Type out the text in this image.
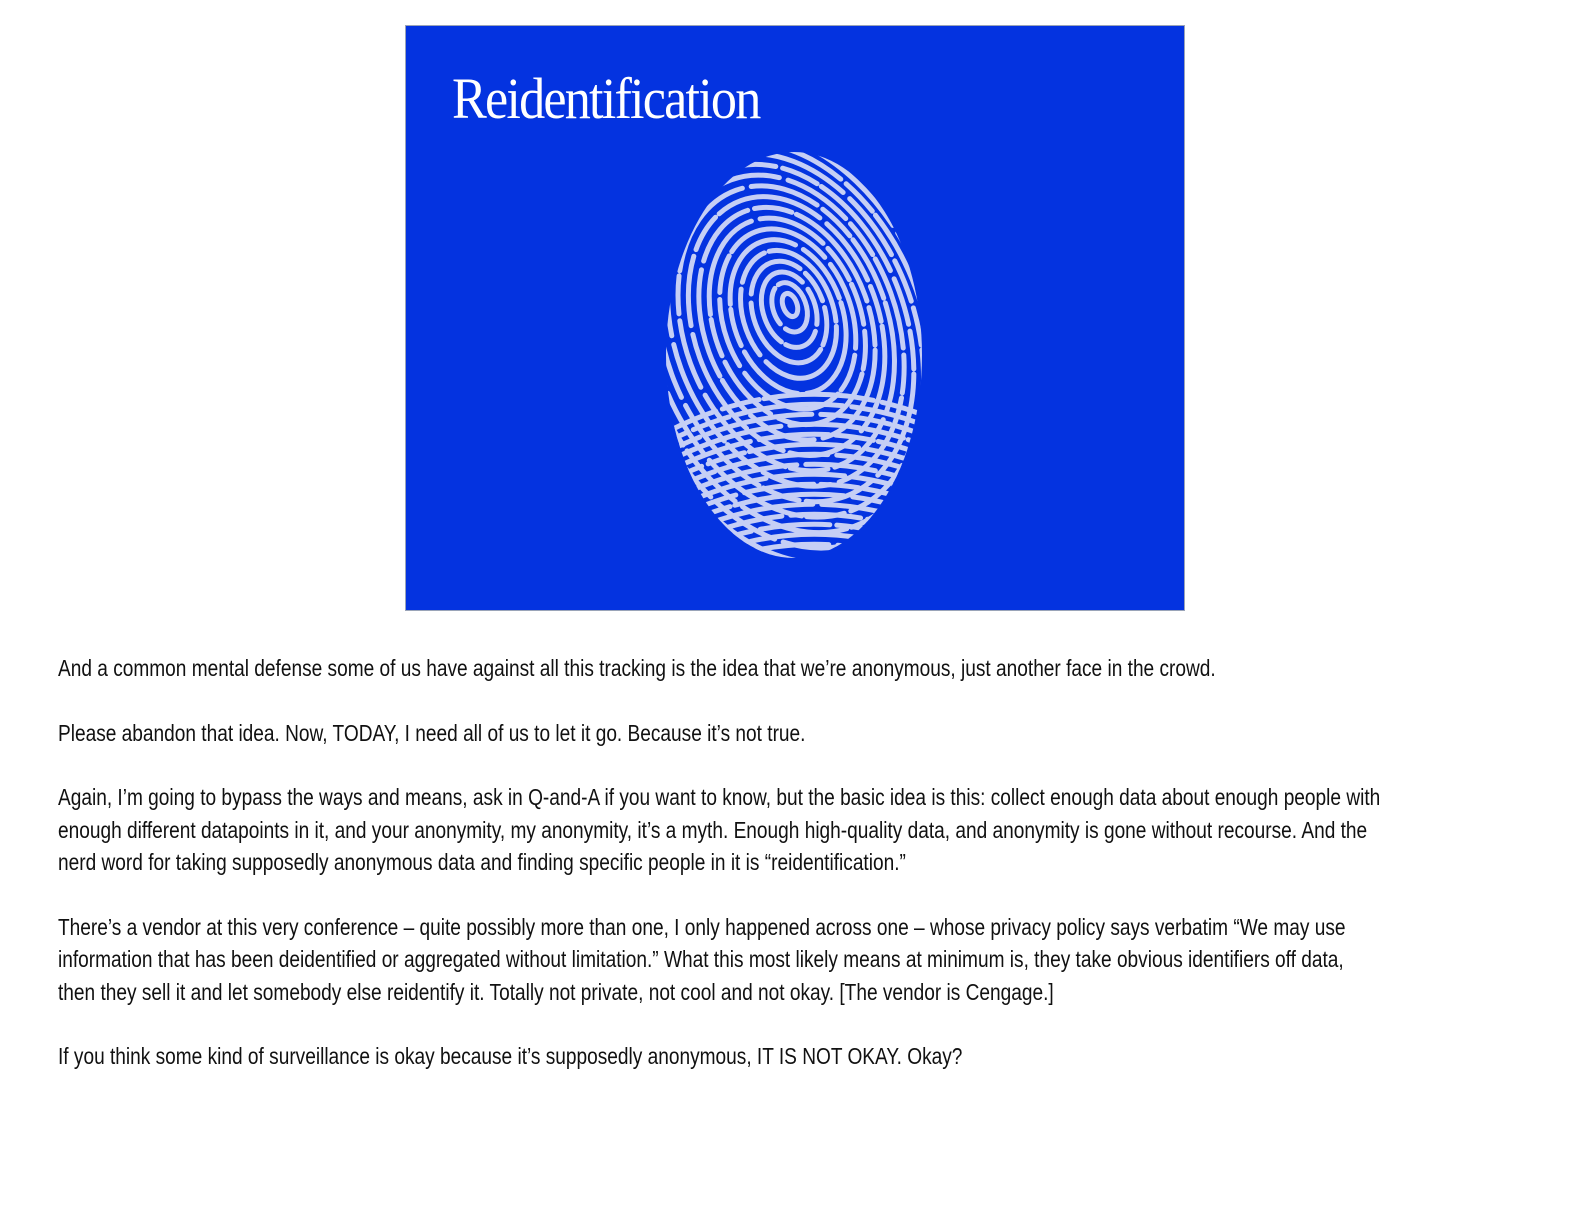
Reidentification

And a common mental defense some of us have against all this tracking is the idea that we’re anonymous, just another face in the crowd.

Please abandon that idea. Now, TODAY, I need all of us to let it go. Because it’s not true.

Again, I’m going to bypass the ways and means, ask in Q-and-A if you want to know, but the basic idea is this: collect enough data about enough people with
enough different datapoints in it, and your anonymity, my anonymity, it’s a myth. Enough high-quality data, and anonymity is gone without recourse. And the
nerd word for taking supposedly anonymous data and finding specific people in it is “reidentification.”

There’s a vendor at this very conference – quite possibly more than one, I only happened across one – whose privacy policy says verbatim “We may use
information that has been deidentified or aggregated without limitation.” What this most likely means at minimum is, they take obvious identifiers off data,
then they sell it and let somebody else reidentify it. Totally not private, not cool and not okay. [The vendor is Cengage.]

If you think some kind of surveillance is okay because it’s supposedly anonymous, IT IS NOT OKAY. Okay?
